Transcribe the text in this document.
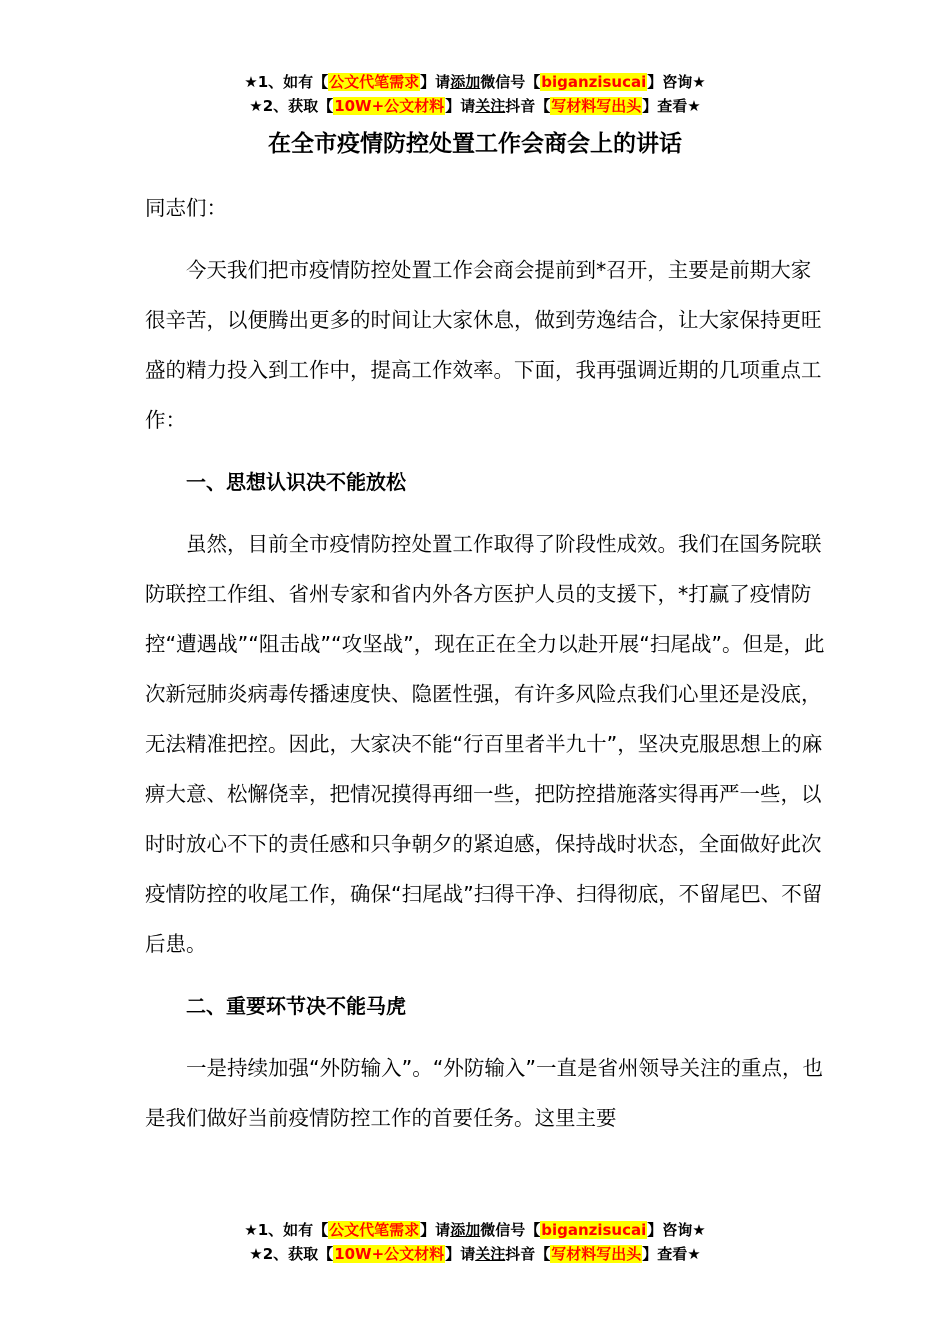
★1、如有【公文代笔需求】请添加微信号【biganzisucai】咨询★
★2、获取【10W+公文材料】请关注抖音【写材料写出头】查看★
在全市疫情防控处置工作会商会上的讲话

同志们：

今天我们把市疫情防控处置工作会商会提前到*召开，主要是前期大家很辛苦，以便腾出更多的时间让大家休息，做到劳逸结合，让大家保持更旺盛的精力投入到工作中，提高工作效率。下面，我再强调近期的几项重点工作：

一、思想认识决不能放松

虽然，目前全市疫情防控处置工作取得了阶段性成效。我们在国务院联防联控工作组、省州专家和省内外各方医护人员的支援下，*打赢了疫情防控“遭遇战”“阻击战”“攻坚战”，现在正在全力以赴开展“扫尾战”。但是，此次新冠肺炎病毒传播速度快、隐匿性强，有许多风险点我们心里还是没底，无法精准把控。因此，大家决不能“行百里者半九十”，坚决克服思想上的麻痹大意、松懈侥幸，把情况摸得再细一些，把防控措施落实得再严一些，以时时放心不下的责任感和只争朝夕的紧迫感，保持战时状态，全面做好此次疫情防控的收尾工作，确保“扫尾战”扫得干净、扫得彻底，不留尾巴、不留后患。

二、重要环节决不能马虎

一是持续加强“外防输入”。“外防输入”一直是省州领导关注的重点，也是我们做好当前疫情防控工作的首要任务。这里主要

★1、如有【公文代笔需求】请添加微信号【biganzisucai】咨询★
★2、获取【10W+公文材料】请关注抖音【写材料写出头】查看★
